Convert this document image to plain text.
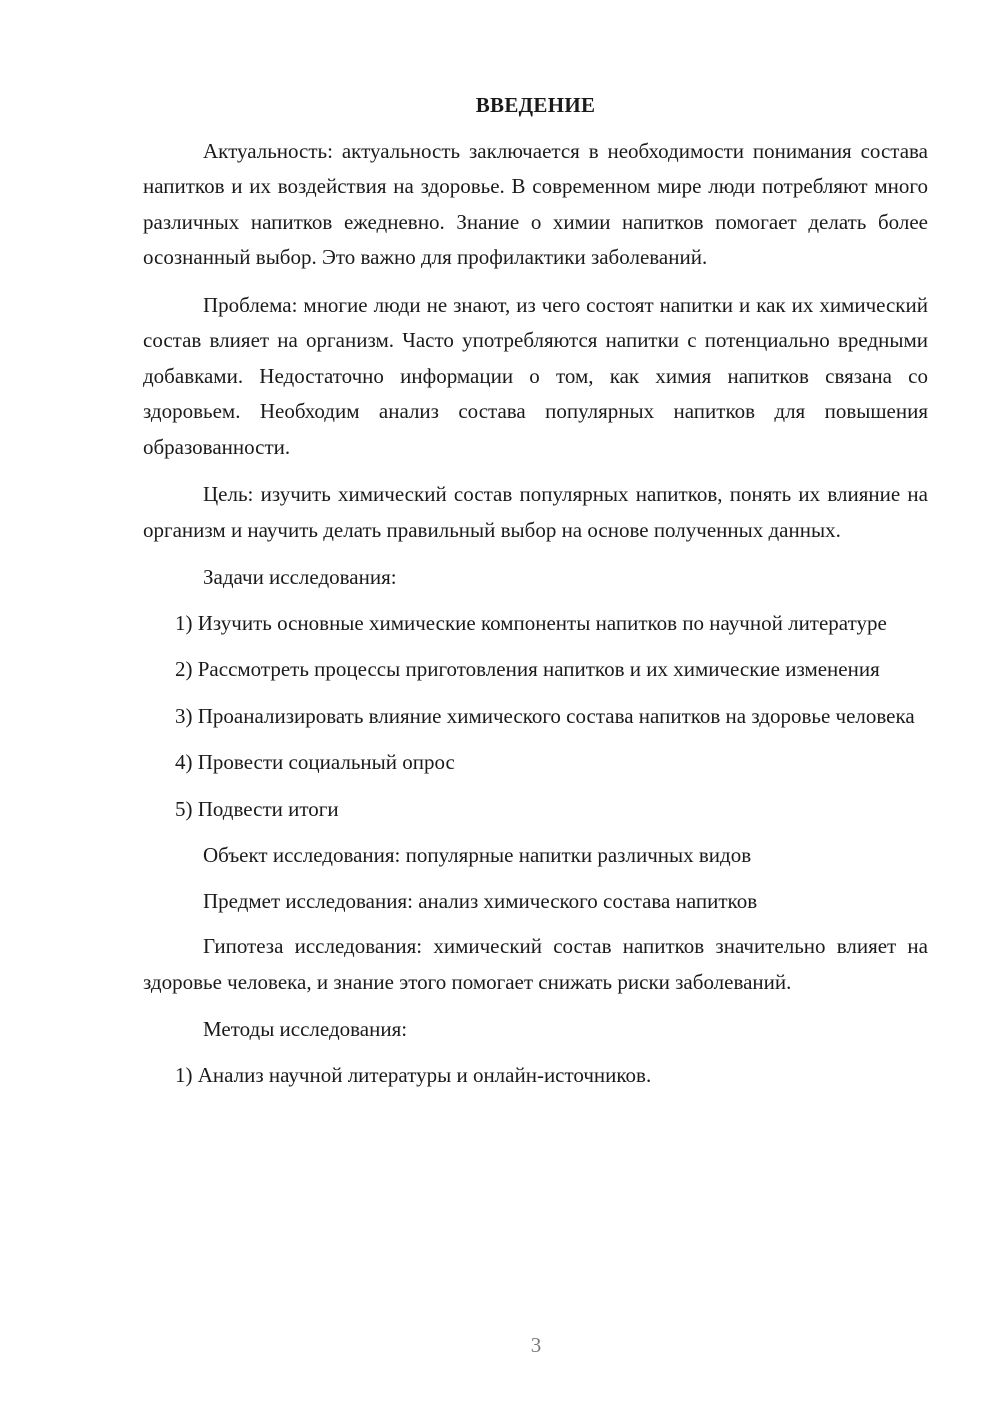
ВВЕДЕНИЕ

Актуальность: актуальность заключается в необходимости понимания состава напитков и их воздействия на здоровье. В современном мире люди потребляют много различных напитков ежедневно. Знание о химии напитков помогает делать более осознанный выбор. Это важно для профилактики заболеваний.

Проблема: многие люди не знают, из чего состоят напитки и как их химический состав влияет на организм. Часто употребляются напитки с потенциально вредными добавками. Недостаточно информации о том, как химия напитков связана со здоровьем. Необходим анализ состава популярных напитков для повышения образованности.

Цель: изучить химический состав популярных напитков, понять их влияние на организм и научить делать правильный выбор на основе полученных данных.

Задачи исследования:

1) Изучить основные химические компоненты напитков по научной литературе

2) Рассмотреть процессы приготовления напитков и их химические изменения

3) Проанализировать влияние химического состава напитков на здоровье человека

4) Провести социальный опрос

5) Подвести итоги

Объект исследования: популярные напитки различных видов

Предмет исследования: анализ химического состава напитков

Гипотеза исследования: химический состав напитков значительно влияет на здоровье человека, и знание этого помогает снижать риски заболеваний.

Методы исследования:

1) Анализ научной литературы и онлайн-источников.

3
